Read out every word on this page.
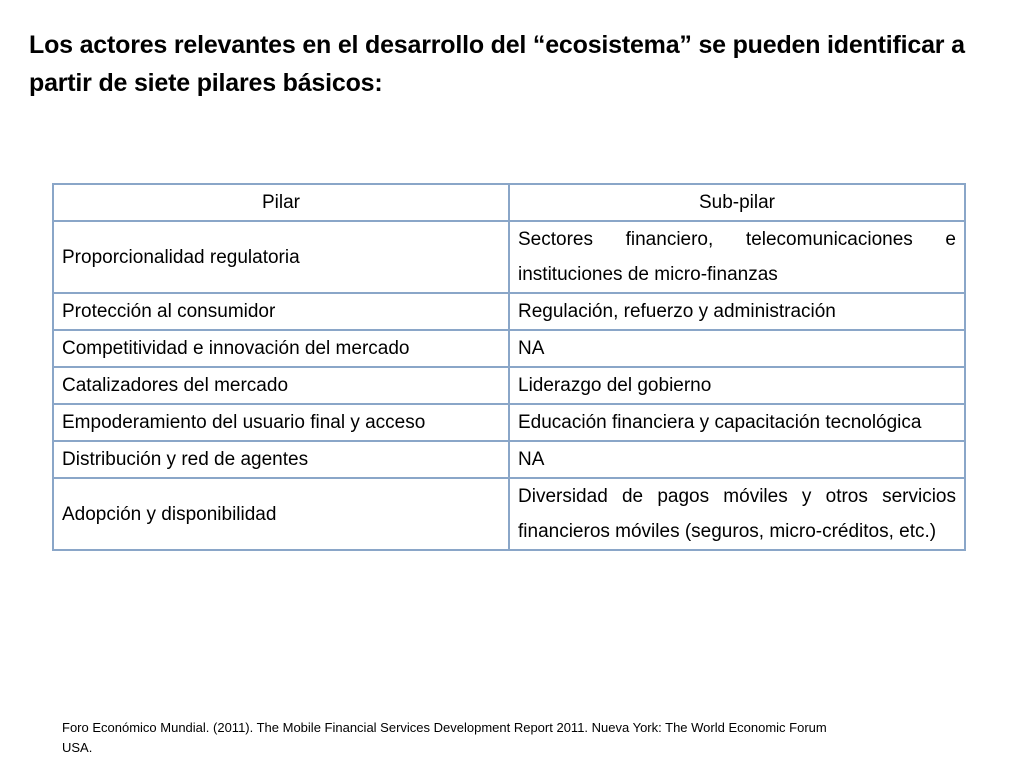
Los actores relevantes en el desarrollo del “ecosistema” se pueden identificar a partir de siete pilares básicos:
Pilar	Sub-pilar
Proporcionalidad regulatoria	Sectores financiero, telecomunicaciones e instituciones de micro-finanzas
Protección al consumidor	Regulación, refuerzo y administración
Competitividad e innovación del mercado	NA
Catalizadores del mercado	Liderazgo del gobierno
Empoderamiento del usuario final y acceso	Educación financiera y capacitación tecnológica
Distribución y red de agentes	NA
Adopción y disponibilidad	Diversidad de pagos móviles y otros servicios financieros móviles (seguros, micro-créditos, etc.)

Foro Económico Mundial. (2011). The Mobile Financial Services Development Report 2011. Nueva York: The World Economic Forum USA.
